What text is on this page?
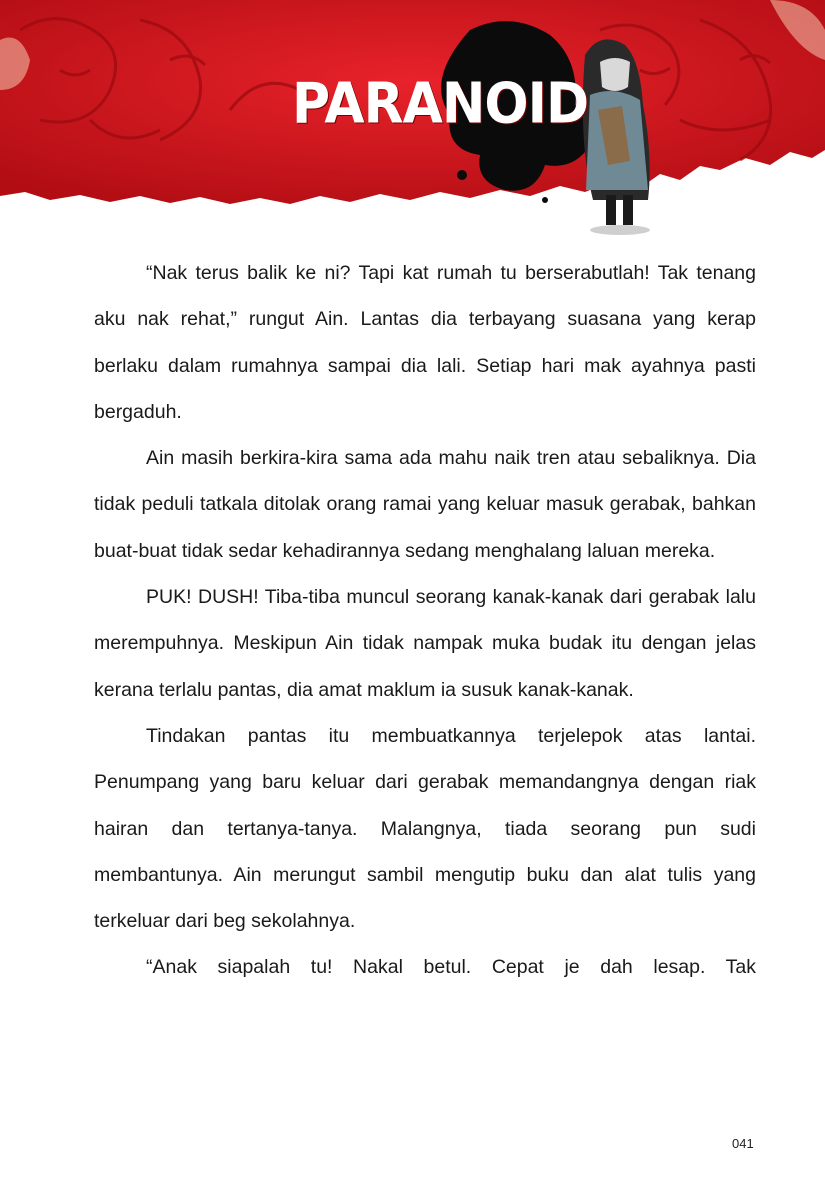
PARANOID

“Nak terus balik ke ni? Tapi kat rumah tu berserabutlah! Tak tenang aku nak rehat,” rungut Ain. Lantas dia terbayang suasana yang kerap berlaku dalam rumahnya sampai dia lali. Setiap hari mak ayahnya pasti bergaduh.

Ain masih berkira-kira sama ada mahu naik tren atau sebaliknya. Dia tidak peduli tatkala ditolak orang ramai yang keluar masuk gerabak, bahkan buat-buat tidak sedar kehadirannya sedang menghalang laluan mereka.

PUK! DUSH! Tiba-tiba muncul seorang kanak-kanak dari gerabak lalu merempuhnya. Meskipun Ain tidak nampak muka budak itu dengan jelas kerana terlalu pantas, dia amat maklum ia susuk kanak-kanak.

Tindakan pantas itu membuatkannya terjelepok atas lantai. Penumpang yang baru keluar dari gerabak memandangnya dengan riak hairan dan tertanya-tanya. Malangnya, tiada seorang pun sudi membantunya. Ain merungut sambil mengutip buku dan alat tulis yang terkeluar dari beg sekolahnya.

“Anak siapalah tu! Nakal betul. Cepat je dah lesap. Tak

041
